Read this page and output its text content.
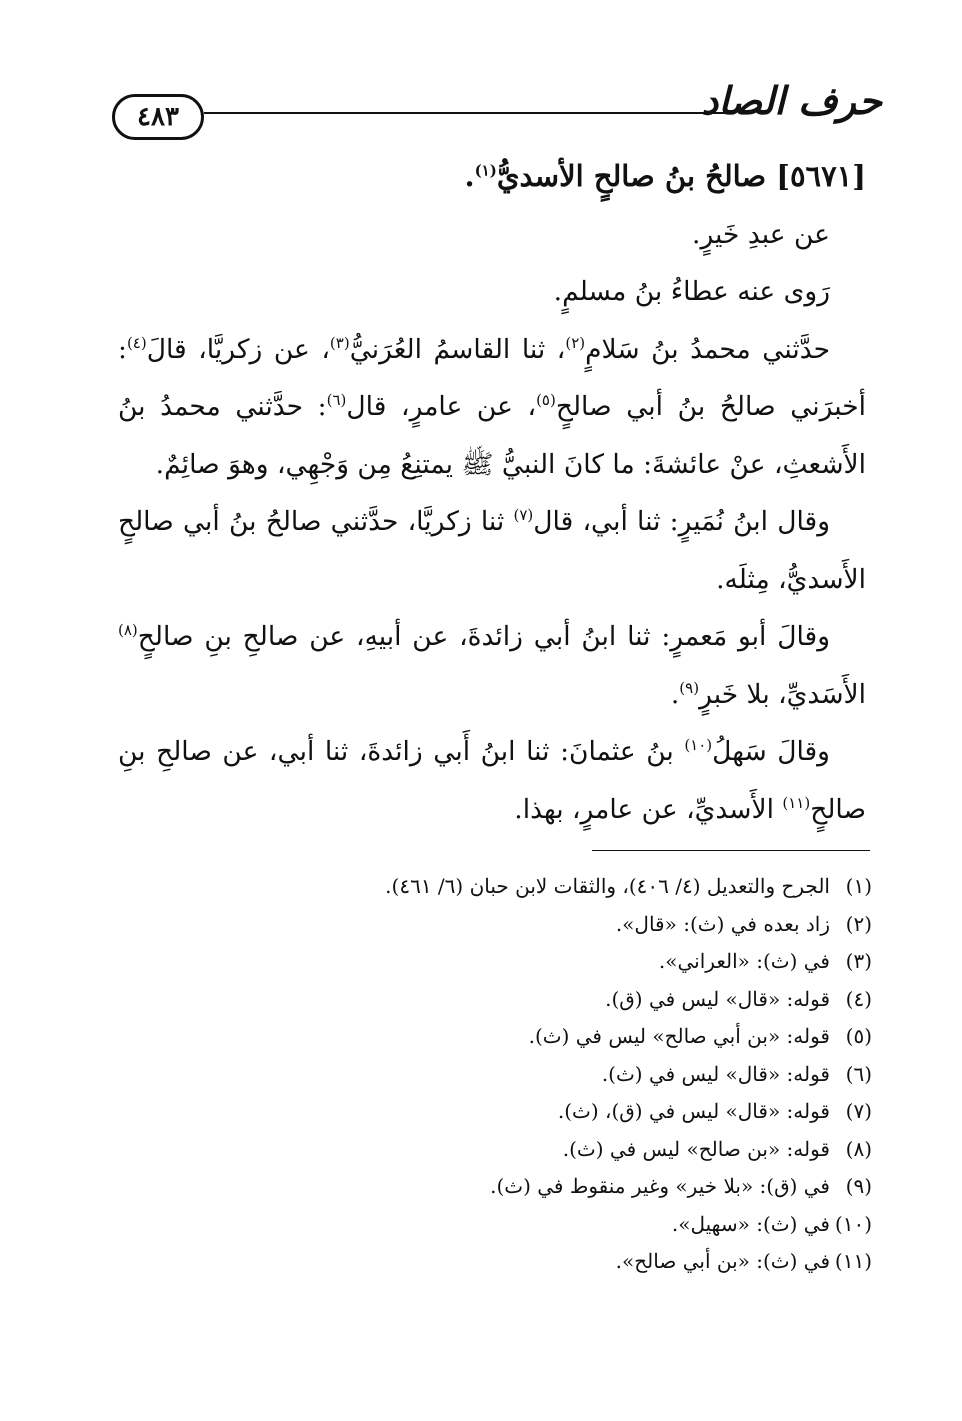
حرف الصاد
٤٨٣

[٥٦٧١] صالحُ بنُ صالحٍ الأسديُّ$^{(١)}$.

عن عبدِ خَيرٍ.

رَوى عنه عطاءُ بنُ مسلمٍ.

حدَّثني محمدُ بنُ سَلامٍ$^{(٢)}$، ثنا القاسمُ العُرَنيُّ$^{(٣)}$، عن زكريَّا، قالَ$^{(٤)}$: أخبرَني صالحُ بنُ أبي صالحٍ$^{(٥)}$، عن عامرٍ، قال$^{(٦)}$: حدَّثني محمدُ بنُ الأَشعثِ، عنْ عائشةَ: ما كانَ النبيُّ ﷺ يمتنِعُ مِن وَجْهِي، وهوَ صائِمٌ.

وقال ابنُ نُمَيرٍ: ثنا أبي، قال$^{(٧)}$ ثنا زكريَّا، حدَّثني صالحُ بنُ أبي صالحٍ الأَسديُّ، مِثلَه.

وقالَ أبو مَعمرٍ: ثنا ابنُ أبي زائدةَ، عن أبيهِ، عن صالحِ بنِ صالحٍ$^{(٨)}$ الأَسَديِّ، بلا خَبرٍ$^{(٩)}$.

وقالَ سَهلُ$^{(١٠)}$ بنُ عثمانَ: ثنا ابنُ أَبي زائدةَ، ثنا أبي، عن صالحِ بنِ صالحٍ$^{(١١)}$ الأَسديِّ، عن عامرٍ، بهذا.

(١)الجرح والتعديل (٤/ ٤٠٦)، والثقات لابن حبان (٦/ ٤٦١).
(٢)زاد بعده في (ث): «قال».
(٣)في (ث): «العراني».
(٤)قوله: «قال» ليس في (ق).
(٥)قوله: «بن أبي صالح» ليس في (ث).
(٦)قوله: «قال» ليس في (ث).
(٧)قوله: «قال» ليس في (ق)، (ث).
(٨)قوله: «بن صالح» ليس في (ث).
(٩)في (ق): «بلا خير» وغير منقوط في (ث).
(١٠)في (ث): «سهيل».
(١١)في (ث): «بن أبي صالح».
